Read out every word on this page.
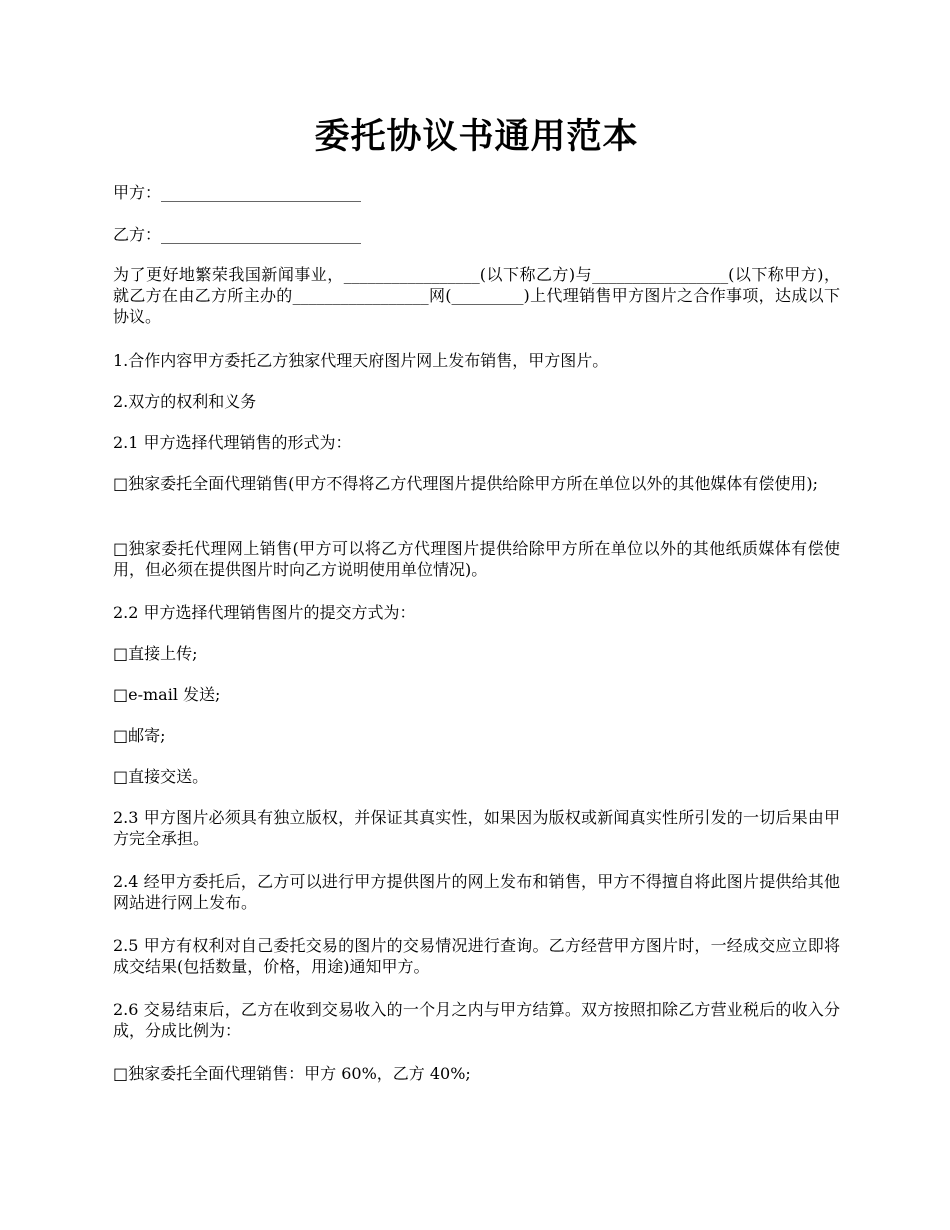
委托协议书通用范本
甲方：_________________________
乙方：_________________________
为了更好地繁荣我国新闻事业，_________________(以下称乙方)与_________________(以下称甲方)，就乙方在由乙方所主办的_________________网(_________)上代理销售甲方图片之合作事项，达成以下协议。
1.合作内容甲方委托乙方独家代理天府图片网上发布销售，甲方图片。
2.双方的权利和义务
2.1 甲方选择代理销售的形式为：
□独家委托全面代理销售(甲方不得将乙方代理图片提供给除甲方所在单位以外的其他媒体有偿使用);
□独家委托代理网上销售(甲方可以将乙方代理图片提供给除甲方所在单位以外的其他纸质媒体有偿使用，但必须在提供图片时向乙方说明使用单位情况)。
2.2 甲方选择代理销售图片的提交方式为：
□直接上传;
□e-mail 发送;
□邮寄;
□直接交送。
2.3 甲方图片必须具有独立版权，并保证其真实性，如果因为版权或新闻真实性所引发的一切后果由甲方完全承担。
2.4 经甲方委托后，乙方可以进行甲方提供图片的网上发布和销售，甲方不得擅自将此图片提供给其他网站进行网上发布。
2.5 甲方有权利对自己委托交易的图片的交易情况进行查询。乙方经营甲方图片时，一经成交应立即将成交结果(包括数量，价格，用途)通知甲方。
2.6 交易结束后，乙方在收到交易收入的一个月之内与甲方结算。双方按照扣除乙方营业税后的收入分成，分成比例为：
□独家委托全面代理销售：甲方 60%，乙方 40%;
